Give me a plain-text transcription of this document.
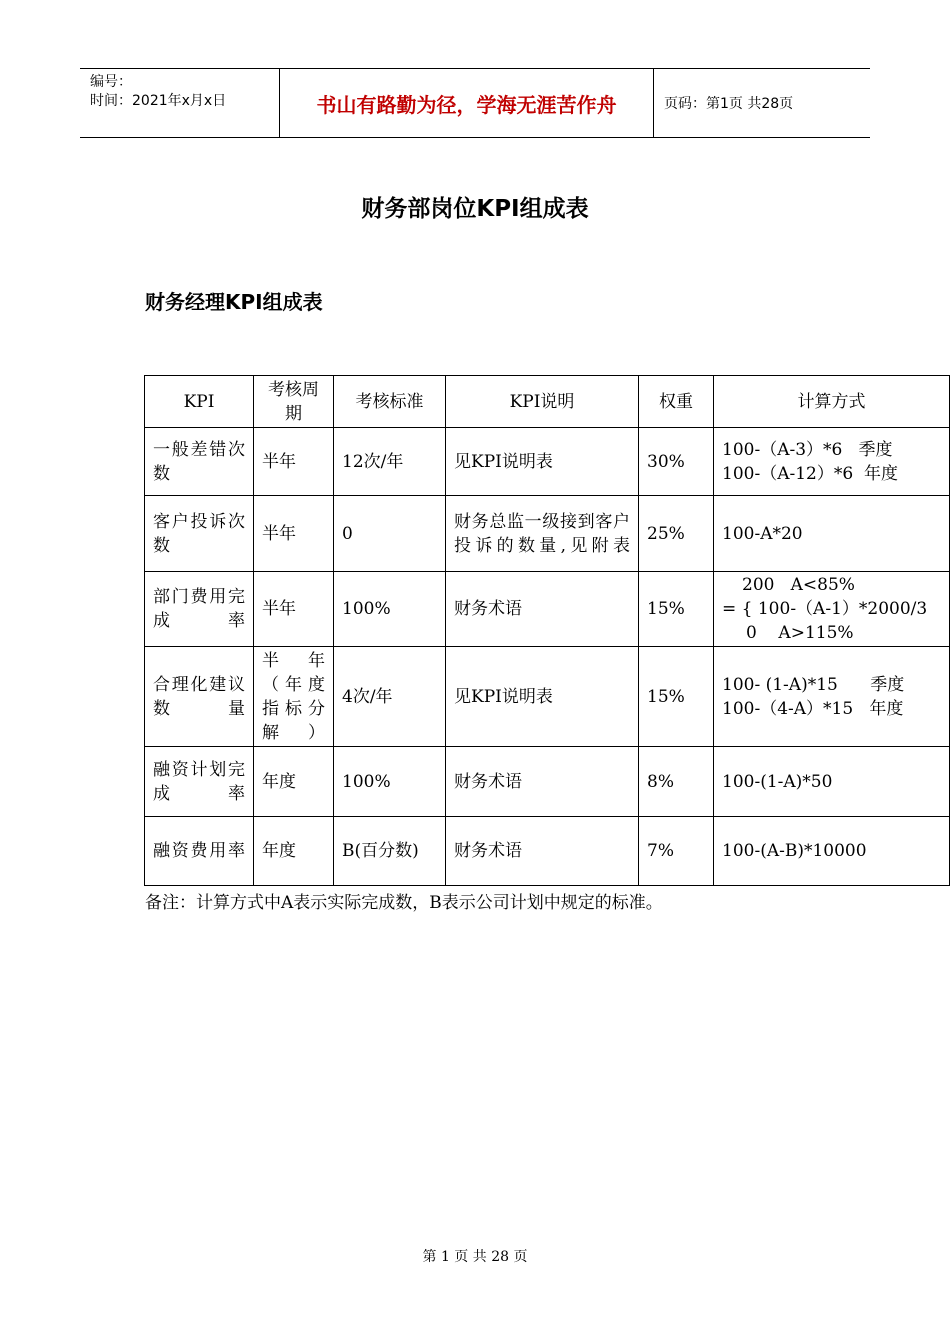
编号：
时间：2021年x月x日	书山有路勤为径，学海无涯苦作舟	页码：第1页 共28页
财务部岗位KPI组成表
财务经理KPI组成表
KPI	考核周期	考核标准	KPI说明	权重	计算方式
一般差错次数	半年	12次/年	见KPI说明表	30%	100-（A-3）*6   季度
100-（A-12）*6  年度

客户投诉次数	半年	0	财务总监一级接到客户投诉的数量,见附表	25%	100-A*20
部门费用完成率	半年	100%	财务术语	15%	200   A<85%
= { 100-（A-1）*2000/3
0    A>115%

合理化建议数量	半年（年度指标分解）	4次/年	见KPI说明表	15%	100- (1-A)*15      季度
100-（4-A）*15   年度

融资计划完成率	年度	100%	财务术语	8%	100-(1-A)*50
融资费用率	年度	B(百分数)	财务术语	7%	100-(A-B)*10000
备注：计算方式中A表示实际完成数，B表示公司计划中规定的标准。
第 1 页 共 28 页
